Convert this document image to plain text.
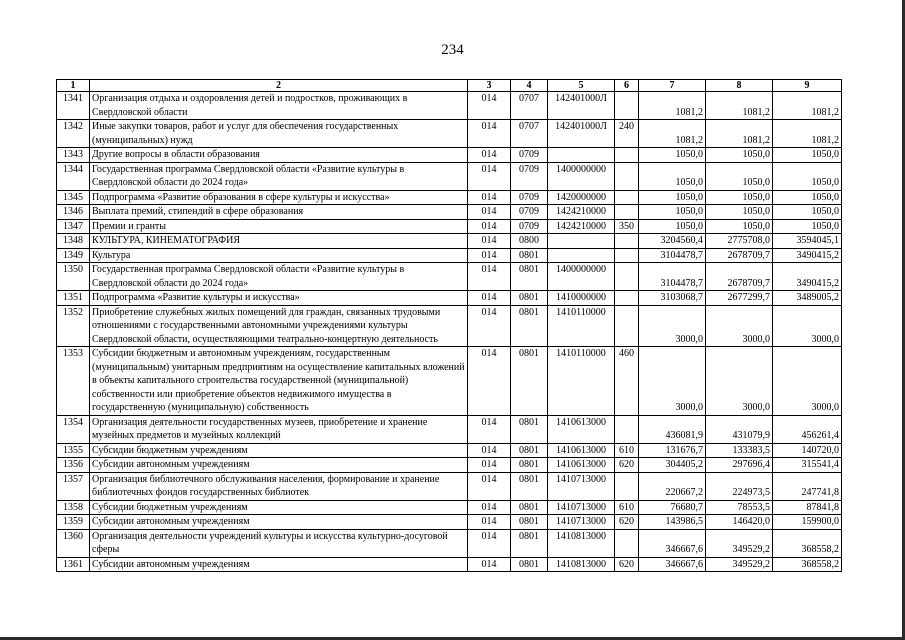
234
1	2	3	4	5	6	7	8	9
1341	Организация отдыха и оздоровления детей и подростков, проживающих в Свердловской области	014	0707	142401000Л		1081,2	1081,2	1081,2
1342	Иные закупки товаров, работ и услуг для обеспечения государственных (муниципальных) нужд	014	0707	142401000Л	240	1081,2	1081,2	1081,2
1343	Другие вопросы в области образования	014	0709			1050,0	1050,0	1050,0
1344	Государственная программа Свердловской области «Развитие культуры в Свердловской области до 2024 года»	014	0709	1400000000		1050,0	1050,0	1050,0
1345	Подпрограмма «Развитие образования в сфере культуры и искусства»	014	0709	1420000000		1050,0	1050,0	1050,0
1346	Выплата премий, стипендий в сфере образования	014	0709	1424210000		1050,0	1050,0	1050,0
1347	Премии и гранты	014	0709	1424210000	350	1050,0	1050,0	1050,0
1348	КУЛЬТУРА, КИНЕМАТОГРАФИЯ	014	0800			3204560,4	2775708,0	3594045,1
1349	Культура	014	0801			3104478,7	2678709,7	3490415,2
1350	Государственная программа Свердловской области «Развитие культуры в Свердловской области до 2024 года»	014	0801	1400000000		3104478,7	2678709,7	3490415,2
1351	Подпрограмма «Развитие культуры и искусства»	014	0801	1410000000		3103068,7	2677299,7	3489005,2
1352	Приобретение служебных жилых помещений для граждан, связанных трудовыми отношениями с государственными автономными учреждениями культуры Свердловской области, осуществляющими театрально-концертную деятельность	014	0801	1410110000		3000,0	3000,0	3000,0
1353	Субсидии бюджетным и автономным учреждениям, государственным (муниципальным) унитарным предприятиям на осуществление капитальных вложений в объекты капитального строительства государственной (муниципальной) собственности или приобретение объектов недвижимого имущества в государственную (муниципальную) собственность	014	0801	1410110000	460	3000,0	3000,0	3000,0
1354	Организация деятельности государственных музеев, приобретение и хранение музейных предметов и музейных коллекций	014	0801	1410613000		436081,9	431079,9	456261,4
1355	Субсидии бюджетным учреждениям	014	0801	1410613000	610	131676,7	133383,5	140720,0
1356	Субсидии автономным учреждениям	014	0801	1410613000	620	304405,2	297696,4	315541,4
1357	Организация библиотечного обслуживания населения, формирование и хранение библиотечных фондов государственных библиотек	014	0801	1410713000		220667,2	224973,5	247741,8
1358	Субсидии бюджетным учреждениям	014	0801	1410713000	610	76680,7	78553,5	87841,8
1359	Субсидии автономным учреждениям	014	0801	1410713000	620	143986,5	146420,0	159900,0
1360	Организация деятельности учреждений культуры и искусства культурно-досуговой сферы	014	0801	1410813000		346667,6	349529,2	368558,2
1361	Субсидии автономным учреждениям	014	0801	1410813000	620	346667,6	349529,2	368558,2
